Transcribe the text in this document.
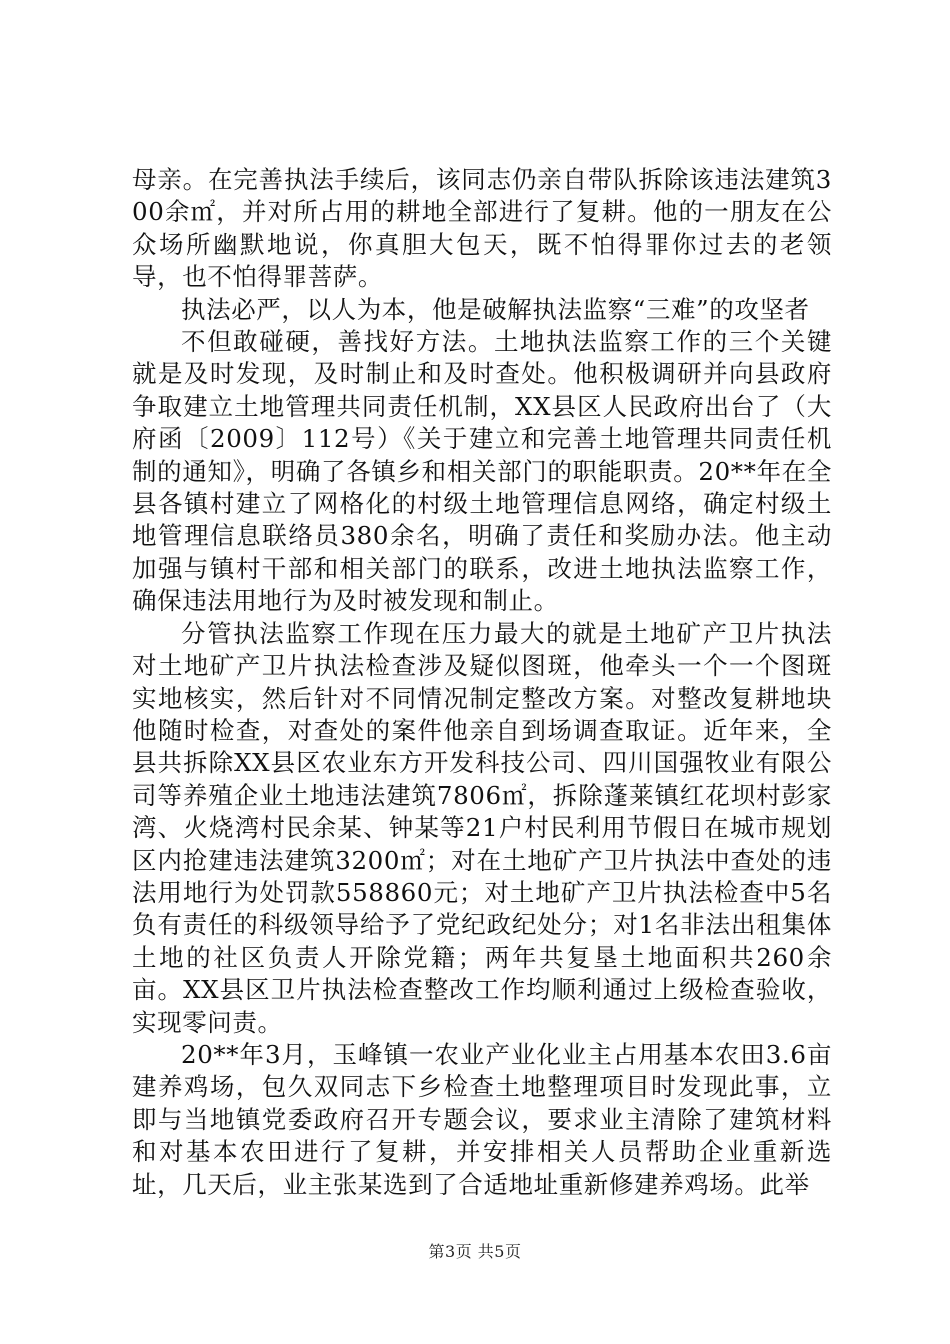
母亲。在完善执法手续后，该同志仍亲自带队拆除该违法建筑300余㎡，并对所占用的耕地全部进行了复耕。他的一朋友在公众场所幽默地说，你真胆大包天，既不怕得罪你过去的老领导，也不怕得罪菩萨。

执法必严，以人为本，他是破解执法监察“三难”的攻坚者

不但敢碰硬，善找好方法。土地执法监察工作的三个关键就是及时发现，及时制止和及时查处。他积极调研并向县政府争取建立土地管理共同责任机制，XX县区人民政府出台了（大府函〔2009〕112号）《关于建立和完善土地管理共同责任机制的通知》，明确了各镇乡和相关部门的职能职责。20**年在全县各镇村建立了网格化的村级土地管理信息网络，确定村级土地管理信息联络员380余名，明确了责任和奖励办法。他主动加强与镇村干部和相关部门的联系，改进土地执法监察工作，确保违法用地行为及时被发现和制止。

分管执法监察工作现在压力最大的就是土地矿产卫片执法对土地矿产卫片执法检查涉及疑似图斑，他牵头一个一个图斑实地核实，然后针对不同情况制定整改方案。对整改复耕地块他随时检查，对查处的案件他亲自到场调查取证。近年来，全县共拆除XX县区农业东方开发科技公司、四川国强牧业有限公司等养殖企业土地违法建筑7806㎡，拆除蓬莱镇红花坝村彭家湾、火烧湾村民余某、钟某等21户村民利用节假日在城市规划区内抢建违法建筑3200㎡；对在土地矿产卫片执法中查处的违法用地行为处罚款558860元；对土地矿产卫片执法检查中5名负有责任的科级领导给予了党纪政纪处分；对1名非法出租集体土地的社区负责人开除党籍；两年共复垦土地面积共260余亩。XX县区卫片执法检查整改工作均顺利通过上级检查验收，实现零问责。

20**年3月，玉峰镇一农业产业化业主占用基本农田3.6亩建养鸡场，包久双同志下乡检查土地整理项目时发现此事，立即与当地镇党委政府召开专题会议，要求业主清除了建筑材料和对基本农田进行了复耕，并安排相关人员帮助企业重新选址，几天后，业主张某选到了合适地址重新修建养鸡场。此举

第3页 共5页
